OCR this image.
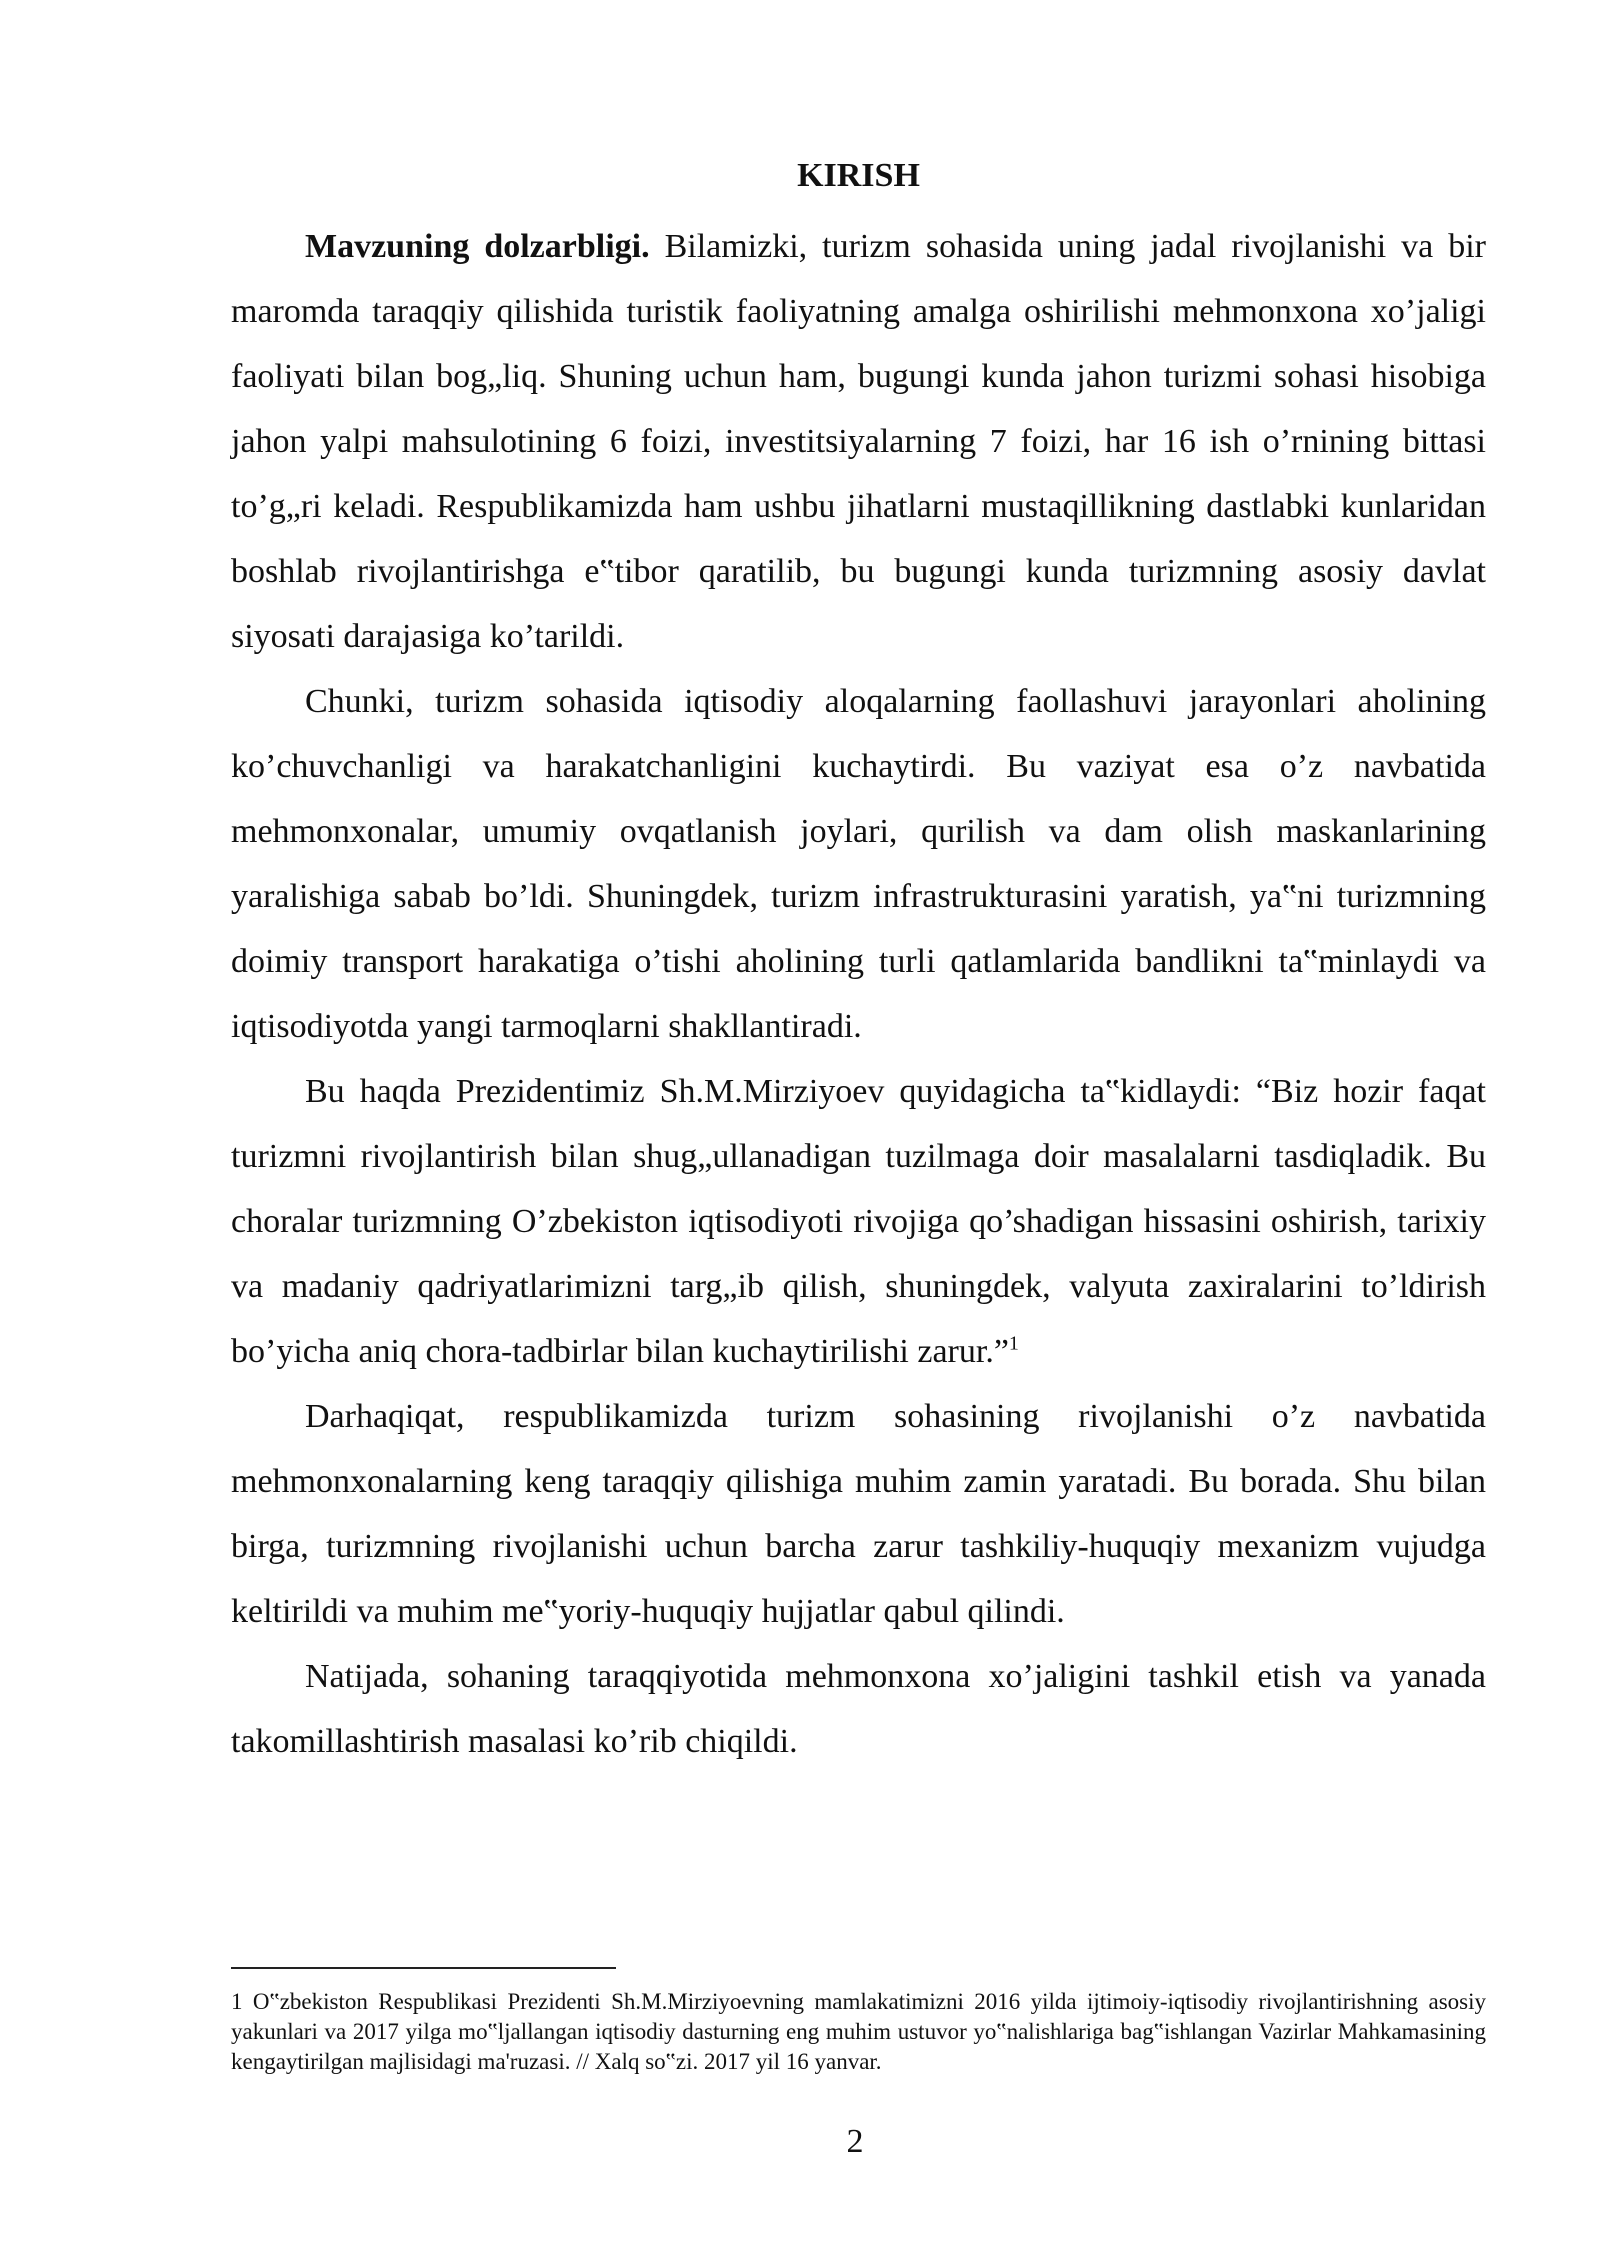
KIRISH

Mavzuning dolzarbligi. Bilamizki, turizm sohasida uning jadal rivojlanishi va bir maromda taraqqiy qilishida turistik faoliyatning amalga oshirilishi mehmonxona xo’jaligi faoliyati bilan bog„liq. Shuning uchun ham, bugungi kunda jahon turizmi sohasi hisobiga jahon yalpi mahsulotining 6 foizi, investitsiyalarning 7 foizi, har 16 ish o’rnining bittasi to’g„ri keladi. Respublikamizda ham ushbu jihatlarni mustaqillikning dastlabki kunlaridan boshlab rivojlantirishga e‟tibor qaratilib, bu bugungi kunda turizmning asosiy davlat siyosati darajasiga ko’tarildi.

Chunki, turizm sohasida iqtisodiy aloqalarning faollashuvi jarayonlari aholining ko’chuvchanligi va harakatchanligini kuchaytirdi. Bu vaziyat esa o’z navbatida mehmonxonalar, umumiy ovqatlanish joylari, qurilish va dam olish maskanlarining yaralishiga sabab bo’ldi. Shuningdek, turizm infrastrukturasini yaratish, ya‟ni turizmning doimiy transport harakatiga o’tishi aholining turli qatlamlarida bandlikni ta‟minlaydi va iqtisodiyotda yangi tarmoqlarni shakllantiradi.

Bu haqda Prezidentimiz Sh.M.Mirziyoev quyidagicha ta‟kidlaydi: “Biz hozir faqat turizmni rivojlantirish bilan shug„ullanadigan tuzilmaga doir masalalarni tasdiqladik. Bu choralar turizmning O’zbekiston iqtisodiyoti rivojiga qo’shadigan hissasini oshirish, tarixiy va madaniy qadriyatlarimizni targ„ib qilish, shuningdek, valyuta zaxiralarini to’ldirish bo’yicha aniq chora-tadbirlar bilan kuchaytirilishi zarur.”$^1$

Darhaqiqat, respublikamizda turizm sohasining rivojlanishi o’z navbatida mehmonxonalarning keng taraqqiy qilishiga muhim zamin yaratadi. Bu borada. Shu bilan birga, turizmning rivojlanishi uchun barcha zarur tashkiliy-huquqiy mexanizm vujudga keltirildi va muhim me‟yoriy-huquqiy hujjatlar qabul qilindi.

Natijada, sohaning taraqqiyotida mehmonxona xo’jaligini tashkil etish va yanada takomillashtirish masalasi ko’rib chiqildi.

1 O‟zbekiston Respublikasi Prezidenti Sh.M.Mirziyoevning mamlakatimizni 2016 yilda ijtimoiy-iqtisodiy rivojlantirishning asosiy yakunlari va 2017 yilga mo‟ljallangan iqtisodiy dasturning eng muhim ustuvor yo‟nalishlariga bag‟ishlangan Vazirlar Mahkamasining kengaytirilgan majlisidagi ma'ruzasi. // Xalq so‟zi. 2017 yil 16 yanvar.

2
